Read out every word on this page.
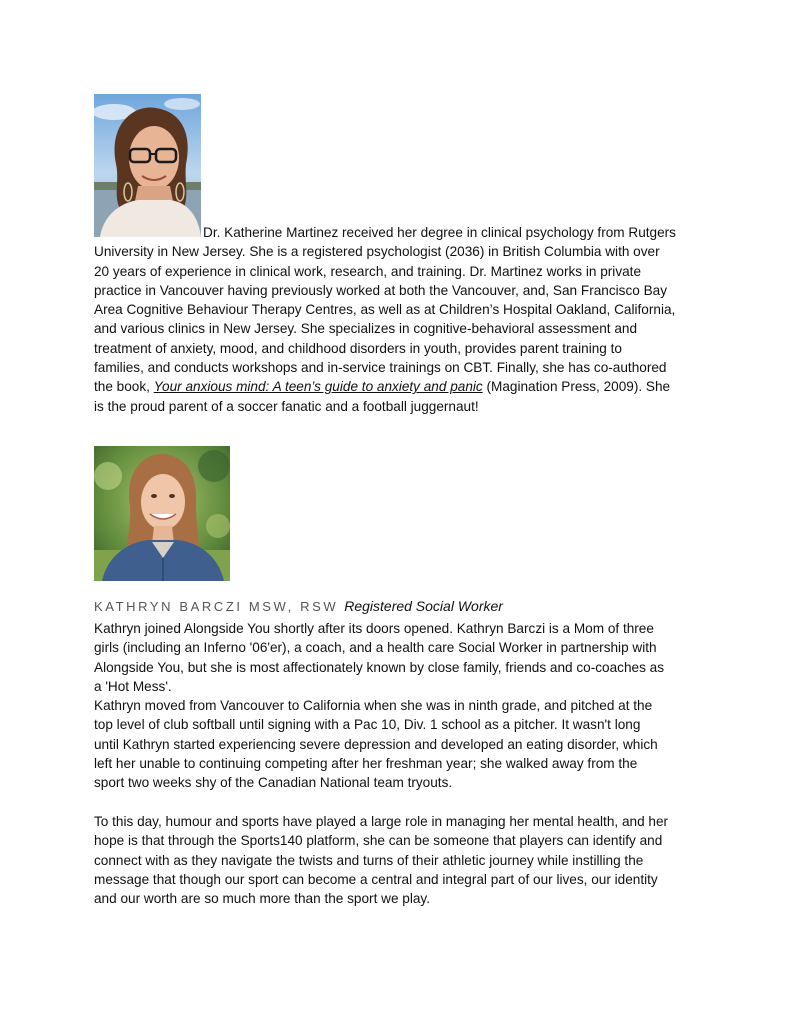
Dr. Katherine Martinez received her degree in clinical psychology from Rutgers
University in New Jersey. She is a registered psychologist (2036) in British Columbia with over
20 years of experience in clinical work, research, and training. Dr. Martinez works in private
practice in Vancouver having previously worked at both the Vancouver, and, San Francisco Bay
Area Cognitive Behaviour Therapy Centres, as well as at Children’s Hospital Oakland, California,
and various clinics in New Jersey. She specializes in cognitive-behavioral assessment and
treatment of anxiety, mood, and childhood disorders in youth, provides parent training to
families, and conducts workshops and in-service trainings on CBT. Finally, she has co-authored
the book, Your anxious mind: A teen’s guide to anxiety and panic (Magination Press, 2009). She
is the proud parent of a soccer fanatic and a football juggernaut!
KATHRYN BARCZI MSW, RSW Registered Social Worker

Kathryn joined Alongside You shortly after its doors opened. Kathryn Barczi is a Mom of three
girls (including an Inferno '06'er), a coach, and a health care Social Worker in partnership with
Alongside You, but she is most affectionately known by close family, friends and co-coaches as
a 'Hot Mess'.

Kathryn moved from Vancouver to California when she was in ninth grade, and pitched at the
top level of club softball until signing with a Pac 10, Div. 1 school as a pitcher. It wasn't long
until Kathryn started experiencing severe depression and developed an eating disorder, which
left her unable to continuing competing after her freshman year; she walked away from the
sport two weeks shy of the Canadian National team tryouts.

To this day, humour and sports have played a large role in managing her mental health, and her
hope is that through the Sports140 platform, she can be someone that players can identify and
connect with as they navigate the twists and turns of their athletic journey while instilling the
message that though our sport can become a central and integral part of our lives, our identity
and our worth are so much more than the sport we play.
